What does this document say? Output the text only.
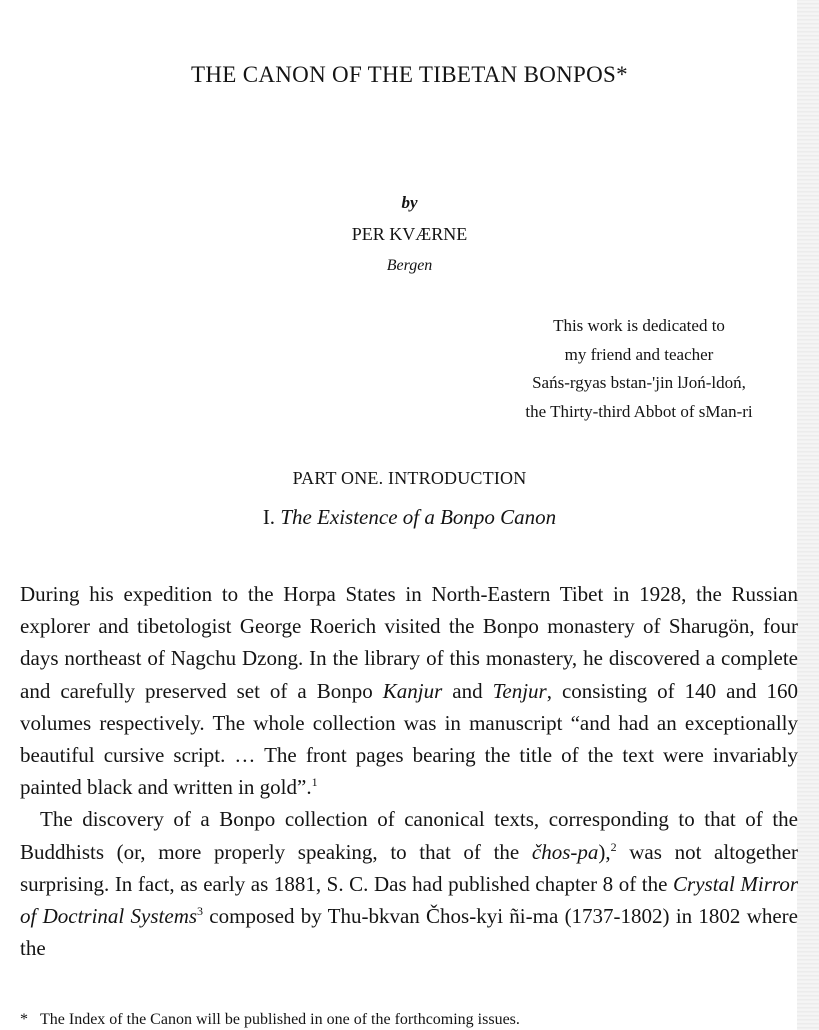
THE CANON OF THE TIBETAN BONPOS*
by
PER KVÆRNE
Bergen
This work is dedicated to
my friend and teacher
Sańs-rgyas bstan-'jin lJoń-ldoń,
the Thirty-third Abbot of sMan-ri
PART ONE. INTRODUCTION
I. The Existence of a Bonpo Canon

During his expedition to the Horpa States in North-Eastern Tibet in 1928, the Russian explorer and tibetologist George Roerich visited the Bonpo monastery of Sharugön, four days northeast of Nagchu Dzong. In the library of this monastery, he discovered a complete and carefully preserved set of a Bonpo Kanjur and Tenjur, consisting of 140 and 160 volumes respectively. The whole collection was in manuscript “and had an exceptionally beautiful cursive script. … The front pages bearing the title of the text were invariably painted black and written in gold”.$^1$

The discovery of a Bonpo collection of canonical texts, corresponding to that of the Buddhists (or, more properly speaking, to that of the čhos-pa),$^2$ was not altogether surprising. In fact, as early as 1881, S. C. Das had published chapter 8 of the Crystal Mirror of Doctrinal Systems$^3$ composed by Thu-bkvan Čhos-kyi ñi-ma (1737-1802) in 1802 where the

* The Index of the Canon will be published in one of the forthcoming issues.
